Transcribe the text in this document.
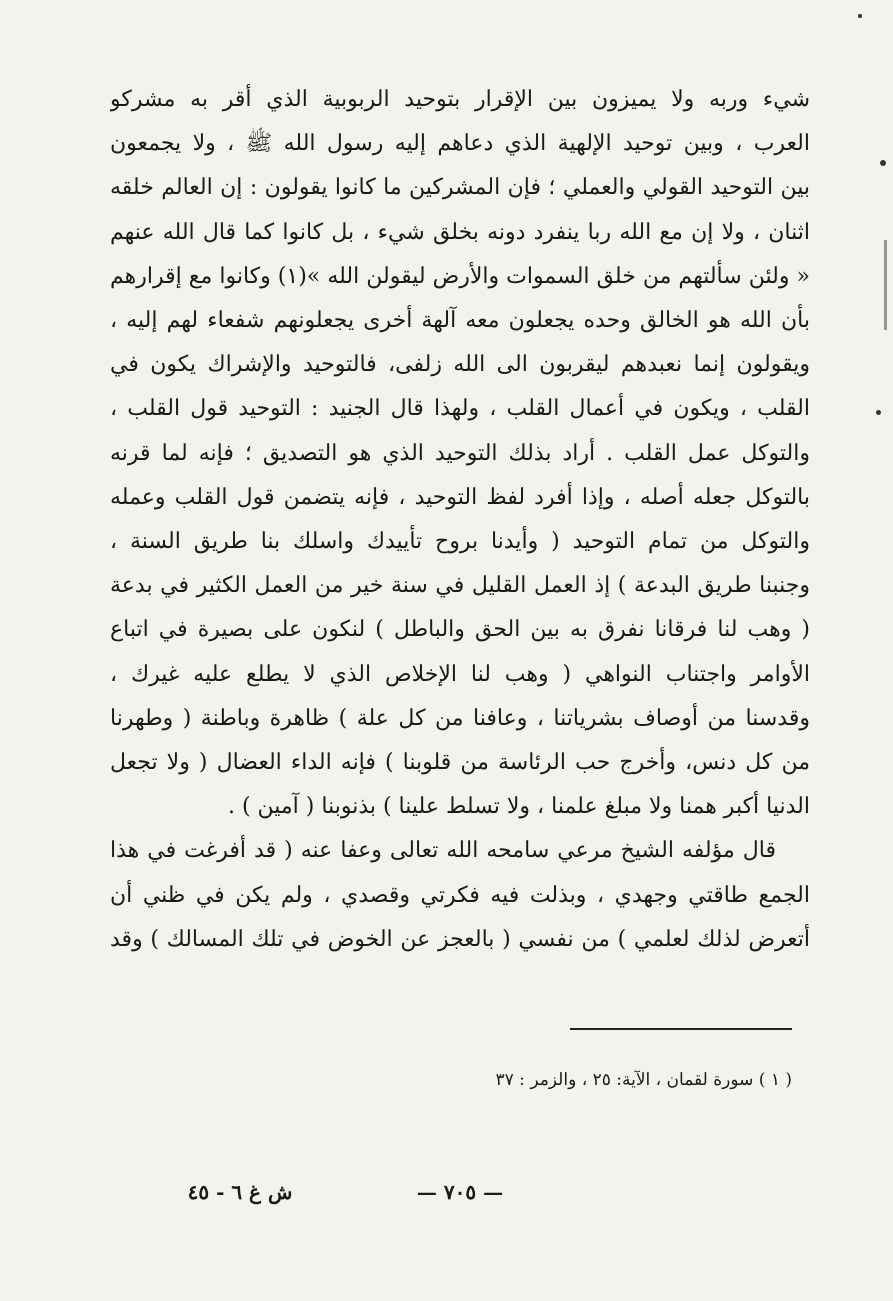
شيء وربه ولا يميزون بين الإقرار بتوحيد الربوبية الذي أقر به مشركو
العرب ، وبين توحيد الإلهية الذي دعاهم إليه رسول الله ﷺ ، ولا يجمعون
بين التوحيد القولي والعملي ؛ فإن المشركين ما كانوا يقولون : إن العالم خلقه
اثنان ، ولا إن مع الله ربا ينفرد دونه بخلق شيء ، بل كانوا كما قال الله عنهم
« ولئن سألتهم من خلق السموات والأرض ليقولن الله »(١) وكانوا مع إقرارهم
بأن الله هو الخالق وحده يجعلون معه آلهة أخرى يجعلونهم شفعاء لهم إليه ،
ويقولون إنما نعبدهم ليقربون الى الله زلفى، فالتوحيد والإشراك يكون في
القلب ، ويكون في أعمال القلب ، ولهذا قال الجنيد : التوحيد قول القلب ،
والتوكل عمل القلب . أراد بذلك التوحيد الذي هو التصديق ؛ فإنه لما قرنه
بالتوكل جعله أصله ، وإذا أفرد لفظ التوحيد ، فإنه يتضمن قول القلب وعمله
والتوكل من تمام التوحيد ( وأيدنا بروح تأييدك واسلك بنا طريق السنة ،
وجنبنا طريق البدعة ) إذ العمل القليل في سنة خير من العمل الكثير في بدعة
( وهب لنا فرقانا نفرق به بين الحق والباطل ) لنكون على بصيرة في اتباع
الأوامر واجتناب النواهي ( وهب لنا الإخلاص الذي لا يطلع عليه غيرك ،
وقدسنا من أوصاف بشرياتنا ، وعافنا من كل علة ) ظاهرة وباطنة ( وطهرنا
من كل دنس، وأخرج حب الرئاسة من قلوبنا ) فإنه الداء العضال ( ولا تجعل
الدنيا أكبر همنا ولا مبلغ علمنا ، ولا تسلط علينا ) بذنوبنا ( آمين ) .
قال مؤلفه الشيخ مرعي سامحه الله تعالى وعفا عنه ( قد أفرغت في هذا
الجمع طاقتي وجهدي ، وبذلت فيه فكرتي وقصدي ، ولم يكن في ظني أن
أتعرض لذلك لعلمي ) من نفسي ( بالعجز عن الخوض في تلك المسالك ) وقد
( ١ ) سورة لقمان ، الآية: ٢٥ ، والزمر : ٣٧
ش غ ٦ - ٤٥	— ٧٠٥ —
